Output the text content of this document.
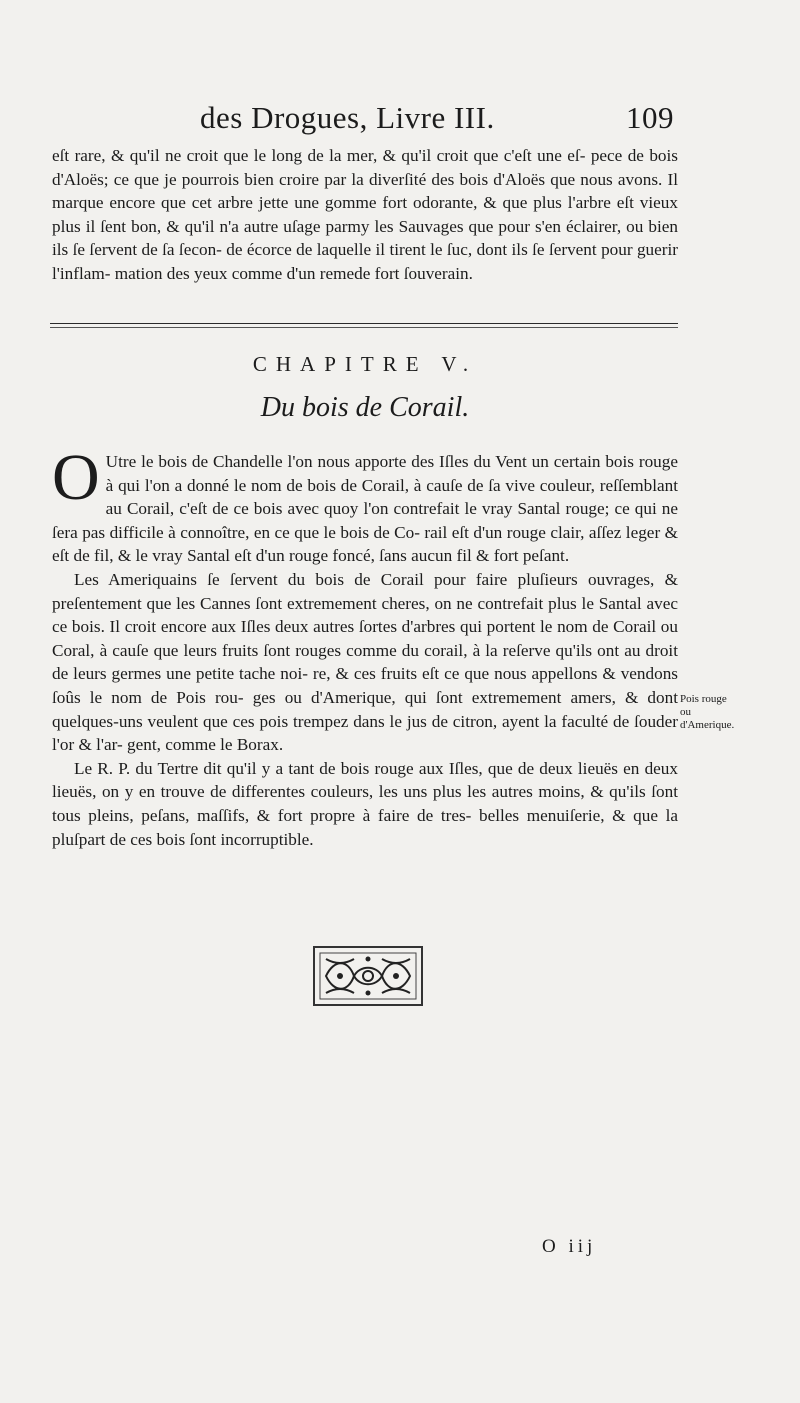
des Drogues, Livre III.	109

eſt rare, & qu'il ne croit que le long de la mer, & qu'il croit que c'eſt une eſ- pece de bois d'Aloës; ce que je pourrois bien croire par la diverſité des bois d'Aloës que nous avons. Il marque encore que cet arbre jette une gomme fort odorante, & que plus l'arbre eſt vieux plus il ſent bon, & qu'il n'a autre uſage parmy les Sauvages que pour s'en éclairer, ou bien ils ſe ſervent de ſa ſecon- de écorce de laquelle il tirent le ſuc, dont ils ſe ſervent pour guerir l'inflam- mation des yeux comme d'un remede fort ſouverain.

CHAPITRE V.
Du bois de Corail.
O Utre le bois de Chandelle l'on nous apporte des Iſles du Vent un certain bois rouge à qui l'on a donné le nom de bois de Corail, à cauſe de ſa vive couleur, reſſemblant au Corail, c'eſt de ce bois avec quoy l'on contrefait le vray Santal rouge; ce qui ne ſera pas difficile à connoître, en ce que le bois de Co- rail eſt d'un rouge clair, aſſez leger & eſt de fil, & le vray Santal eſt d'un rouge foncé, ſans aucun fil & fort peſant.

Les Ameriquains ſe ſervent du bois de Corail pour faire pluſieurs ouvrages, & preſentement que les Cannes ſont extremement cheres, on ne contrefait plus le Santal avec ce bois. Il croit encore aux Iſles deux autres ſortes d'arbres qui portent le nom de Corail ou Coral, à cauſe que leurs fruits ſont rouges comme du corail, à la reſerve qu'ils ont au droit de leurs germes une petite tache noi- re, & ces fruits eſt ce que nous appellons & vendons ſoûs le nom de Pois rou- ges ou d'Amerique, qui ſont extremement amers, & dont quelques-uns veulent que ces pois trempez dans le jus de citron, ayent la faculté de ſouder l'or & l'ar- gent, comme le Borax.

Le R. P. du Tertre dit qu'il y a tant de bois rouge aux Iſles, que de deux lieuës en deux lieuës, on y en trouve de differentes couleurs, les uns plus les autres moins, & qu'ils ſont tous pleins, peſans, maſſifs, & fort propre à faire de tres- belles menuiſerie, & que la pluſpart de ces bois ſont incorruptible.

Pois rouge ou d'Amerique.
O iij
